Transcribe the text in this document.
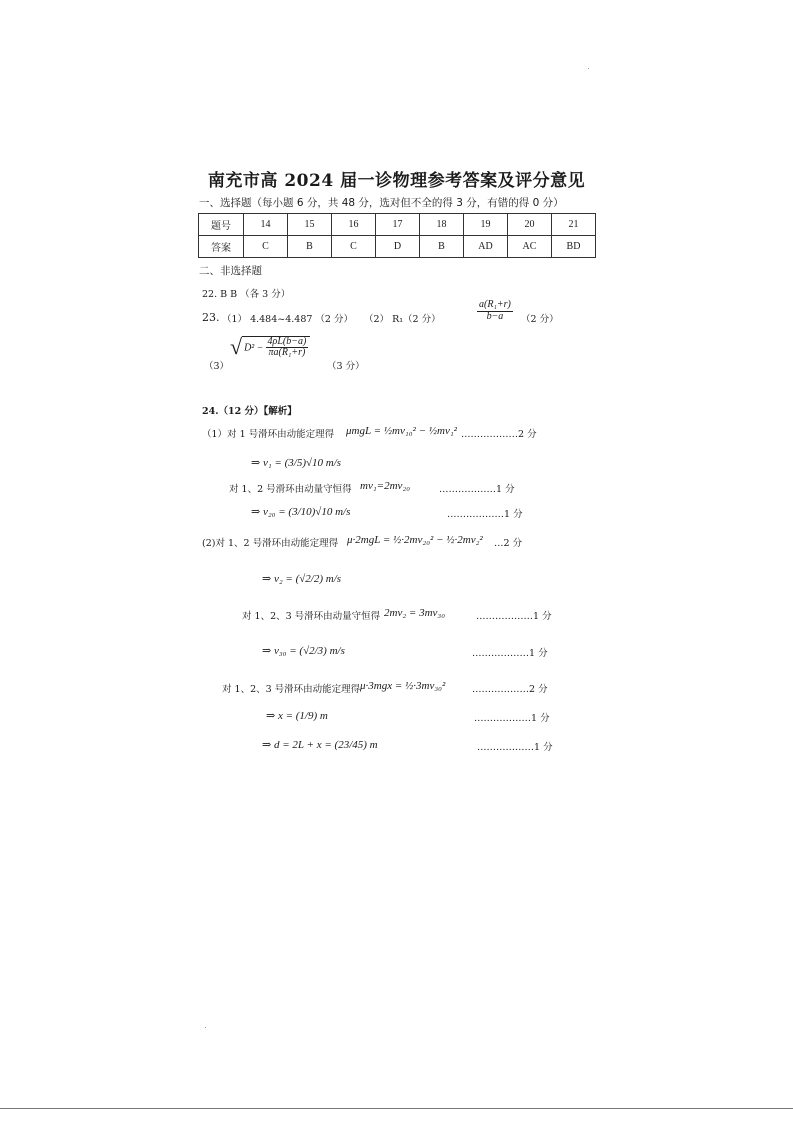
南充市高 2024 届一诊物理参考答案及评分意见
一、选择题（每小题 6 分，共 48 分，选对但不全的得 3 分，有错的得 0 分）
题号	14	15	16	17	18	19	20	21
答案	C	B	C	D	B	AD	AC	BD
二、非选择题
22. B B （各 3 分）
23. （1） 4.484~4.487 （2 分） （2） R₁（2 分）	$\frac{\text{a(R₁+r)}}{b-a} (2$ 分）
（3）
√ $D^2 - \frac{4\rho L(b-a)}{\text{πa(R₁+r)}}$
（3 分）
24.（12 分）【解析】
（1）对 1 号滑环由动能定理得 μmgL = ½mv₁₀² − ½mv₁² ………………2 分
⇒ v₁ = (3/5)√10 m/s
对 1、2 号滑环由动量守恒得 mv₁=2mv₂₀	………………1 分
⇒ v₂₀ = (3/10)√10 m/s	………………1 分
(2)对 1、2 号滑环由动能定理得 μ·2mgL = ½·2mv₂₀² − ½·2mv₂² …2 分
⇒ v₂ = (√2/2) m/s
对 1、2、3 号滑环由动量守恒得 2mv₂ = 3mv₃₀	………………1 分
⇒ v₃₀ = (√2/3) m/s	………………1 分
对 1、2、3 号滑环由动能定理得 μ·3mgx = ½·3mv₃₀²	………………2 分
⇒ x = (1/9) m	………………1 分
⇒ d = 2L + x = (23/45) m	………………1 分
